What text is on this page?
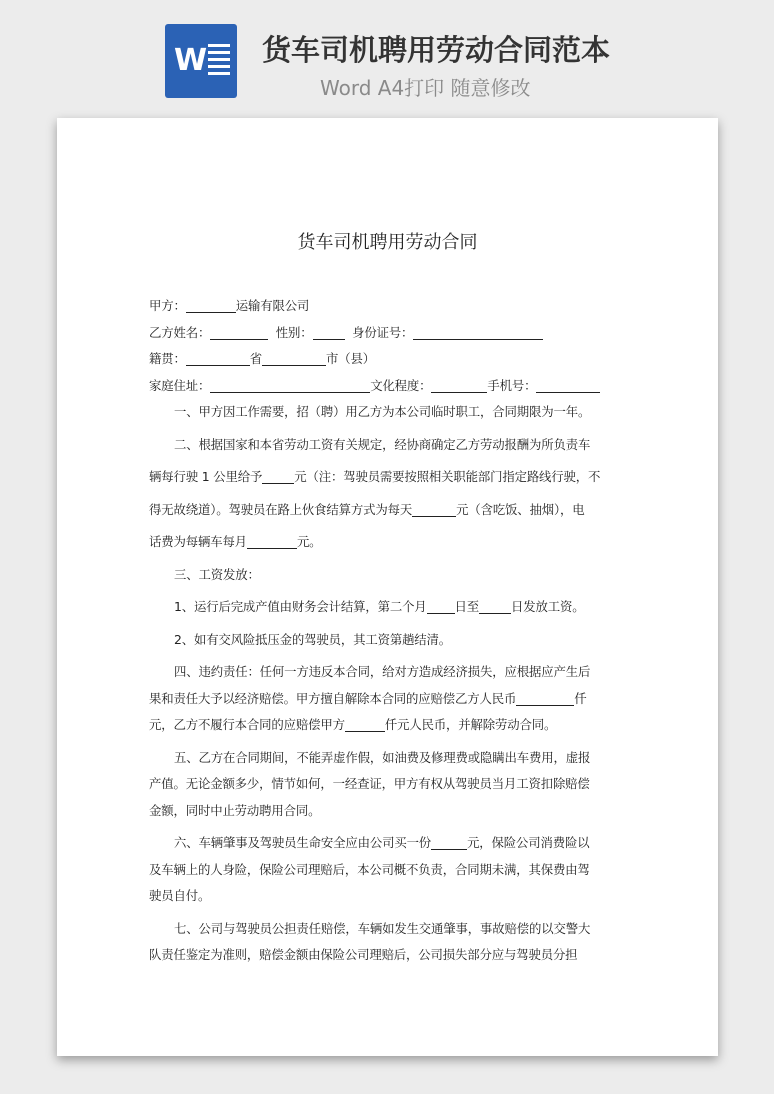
W 货车司机聘用劳动合同范本
Word A4打印 随意修改

货车司机聘用劳动合同

甲方：	运输有限公司

乙方姓名：	性别：	身份证号：

籍贯：	省	市（县）

家庭住址：	文化程度：	手机号：

一、甲方因工作需要，招（聘）用乙方为本公司临时职工，合同期限为一年。

二、根据国家和本省劳动工资有关规定，经协商确定乙方劳动报酬为所负责车

辆每行驶 1 公里给予	元（注：驾驶员需要按照相关职能部门指定路线行驶，不

得无故绕道）。驾驶员在路上伙食结算方式为每天	元（含吃饭、抽烟），电

话费为每辆车每月	元。

三、工资发放：

1、运行后完成产值由财务会计结算，第二个月 日至	日发放工资。

2、如有交风险抵压金的驾驶员，其工资第趟结清。

四、违约责任：任何一方违反本合同，给对方造成经济损失，应根据应产生后

果和责任大予以经济赔偿。甲方擅自解除本合同的应赔偿乙方人民币	仟

元，乙方不履行本合同的应赔偿甲方	仟元人民币，并解除劳动合同。

五、乙方在合同期间，不能弄虚作假，如油费及修理费或隐瞒出车费用，虚报

产值。无论金额多少，情节如何，一经查证，甲方有权从驾驶员当月工资扣除赔偿

金额，同时中止劳动聘用合同。

六、车辆肇事及驾驶员生命安全应由公司买一份	元，保险公司消费险以

及车辆上的人身险，保险公司理赔后，本公司概不负责，合同期未满，其保费由驾

驶员自付。

七、公司与驾驶员公担责任赔偿，车辆如发生交通肇事，事故赔偿的以交警大

队责任鉴定为准则，赔偿金额由保险公司理赔后，公司损失部分应与驾驶员分担
